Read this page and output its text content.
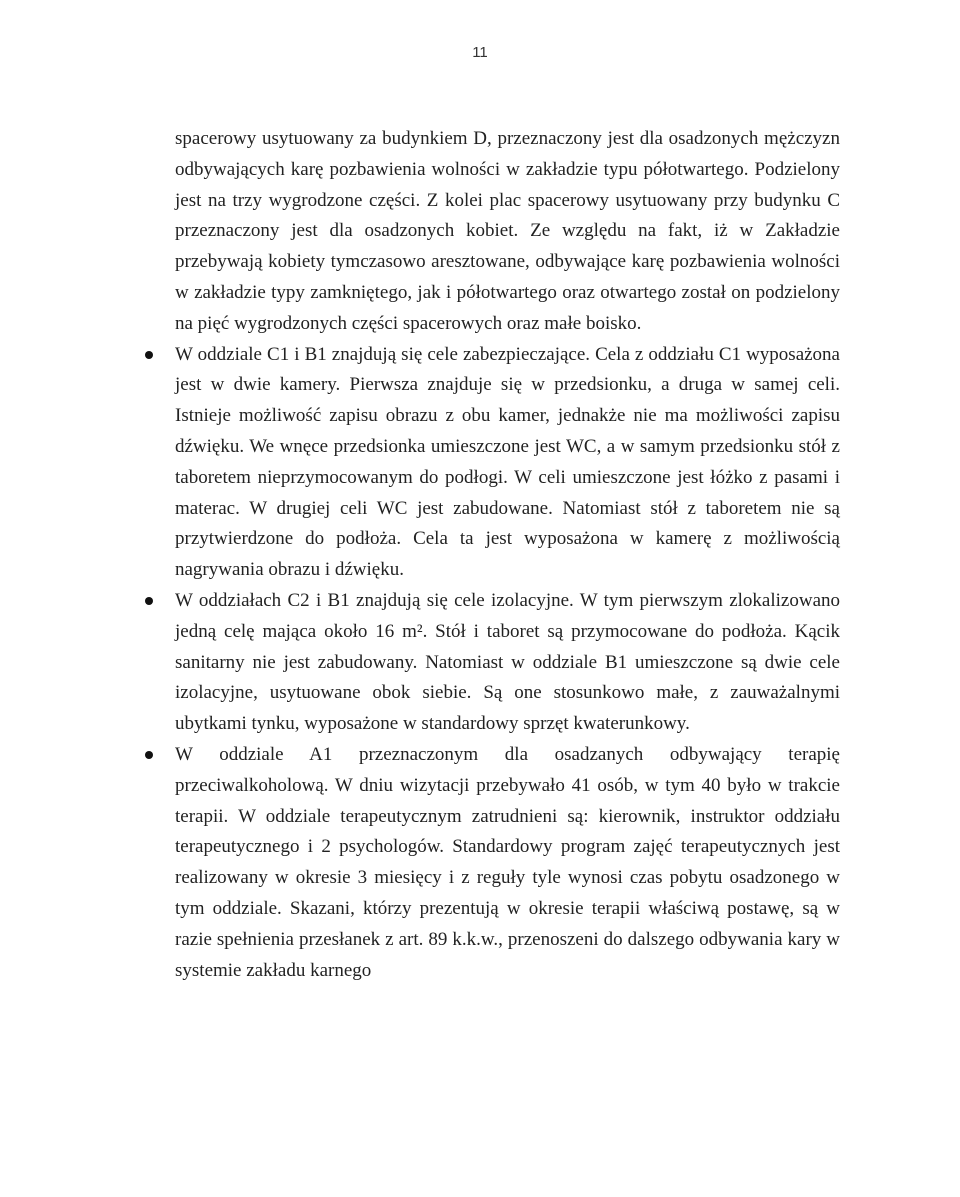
11

spacerowy usytuowany za budynkiem D, przeznaczony jest dla osadzonych mężczyzn odbywających karę pozbawienia wolności w zakładzie typu półotwartego. Podzielony jest na trzy wygrodzone części. Z kolei plac spacerowy usytuowany przy budynku C przeznaczony jest dla osadzonych kobiet. Ze względu na fakt, iż w Zakładzie przebywają kobiety tymczasowo aresztowane, odbywające karę pozbawienia wolności w zakładzie typy zamkniętego, jak i półotwartego oraz otwartego został on podzielony na pięć wygrodzonych części spacerowych oraz małe boisko.

W oddziale C1 i B1 znajdują się cele zabezpieczające. Cela z oddziału C1 wyposażona jest w dwie kamery. Pierwsza znajduje się w przedsionku, a druga w samej celi. Istnieje możliwość zapisu obrazu z obu kamer, jednakże nie ma możliwości zapisu dźwięku. We wnęce przedsionka umieszczone jest WC, a w samym przedsionku stół z taboretem nieprzymocowanym do podłogi. W celi umieszczone jest łóżko z pasami i materac. W drugiej celi WC jest zabudowane. Natomiast stół z taboretem nie są przytwierdzone do podłoża. Cela ta jest wyposażona w kamerę z możliwością nagrywania obrazu i dźwięku.
W oddziałach C2 i B1 znajdują się cele izolacyjne. W tym pierwszym zlokalizowano jedną celę mająca około 16 m². Stół i taboret są przymocowane do podłoża. Kącik sanitarny nie jest zabudowany. Natomiast w oddziale B1 umieszczone są dwie cele izolacyjne, usytuowane obok siebie. Są one stosunkowo małe, z zauważalnymi ubytkami tynku, wyposażone w standardowy sprzęt kwaterunkowy.
W oddziale A1 przeznaczonym dla osadzanych odbywający terapię przeciwalkoholową. W dniu wizytacji przebywało 41 osób, w tym 40 było w trakcie terapii. W oddziale terapeutycznym zatrudnieni są: kierownik, instruktor oddziału terapeutycznego i 2 psychologów. Standardowy program zajęć terapeutycznych jest realizowany w okresie 3 miesięcy i z reguły tyle wynosi czas pobytu osadzonego w tym oddziale. Skazani, którzy prezentują w okresie terapii właściwą postawę, są w razie spełnienia przesłanek z art. 89 k.k.w., przenoszeni do dalszego odbywania kary w systemie zakładu karnego
